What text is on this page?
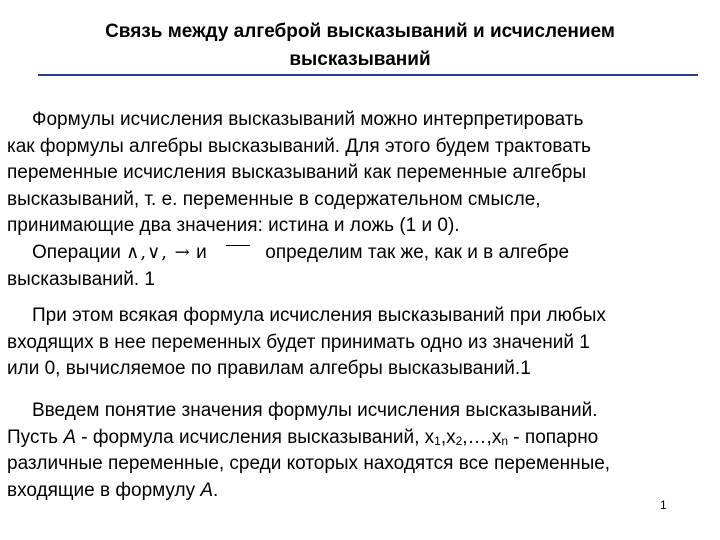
Связь между алгеброй высказываний и исчислением
высказываний
Формулы исчисления высказываний можно интерпретировать
как формулы алгебры высказываний. Для этого будем трактовать
переменные исчисления высказываний как переменные алгебры
высказываний, т. е. переменные в содержательном смысле,
принимающие два значения: истина и ложь (1 и 0).
Операции ∧,∨, → и	определим так же, как и в алгебре
высказываний. 1
При этом всякая формула исчисления высказываний при любых
входящих в нее переменных будет принимать одно из значений 1
или 0, вычисляемое по правилам алгебры высказываний.1
Введем понятие значения формулы исчисления высказываний.
Пусть A - формула исчисления высказываний, $x_1,x_2,\dots,x_n$ - попарно
различные переменные, среди которых находятся все переменные,
входящие в формулу A.
1
